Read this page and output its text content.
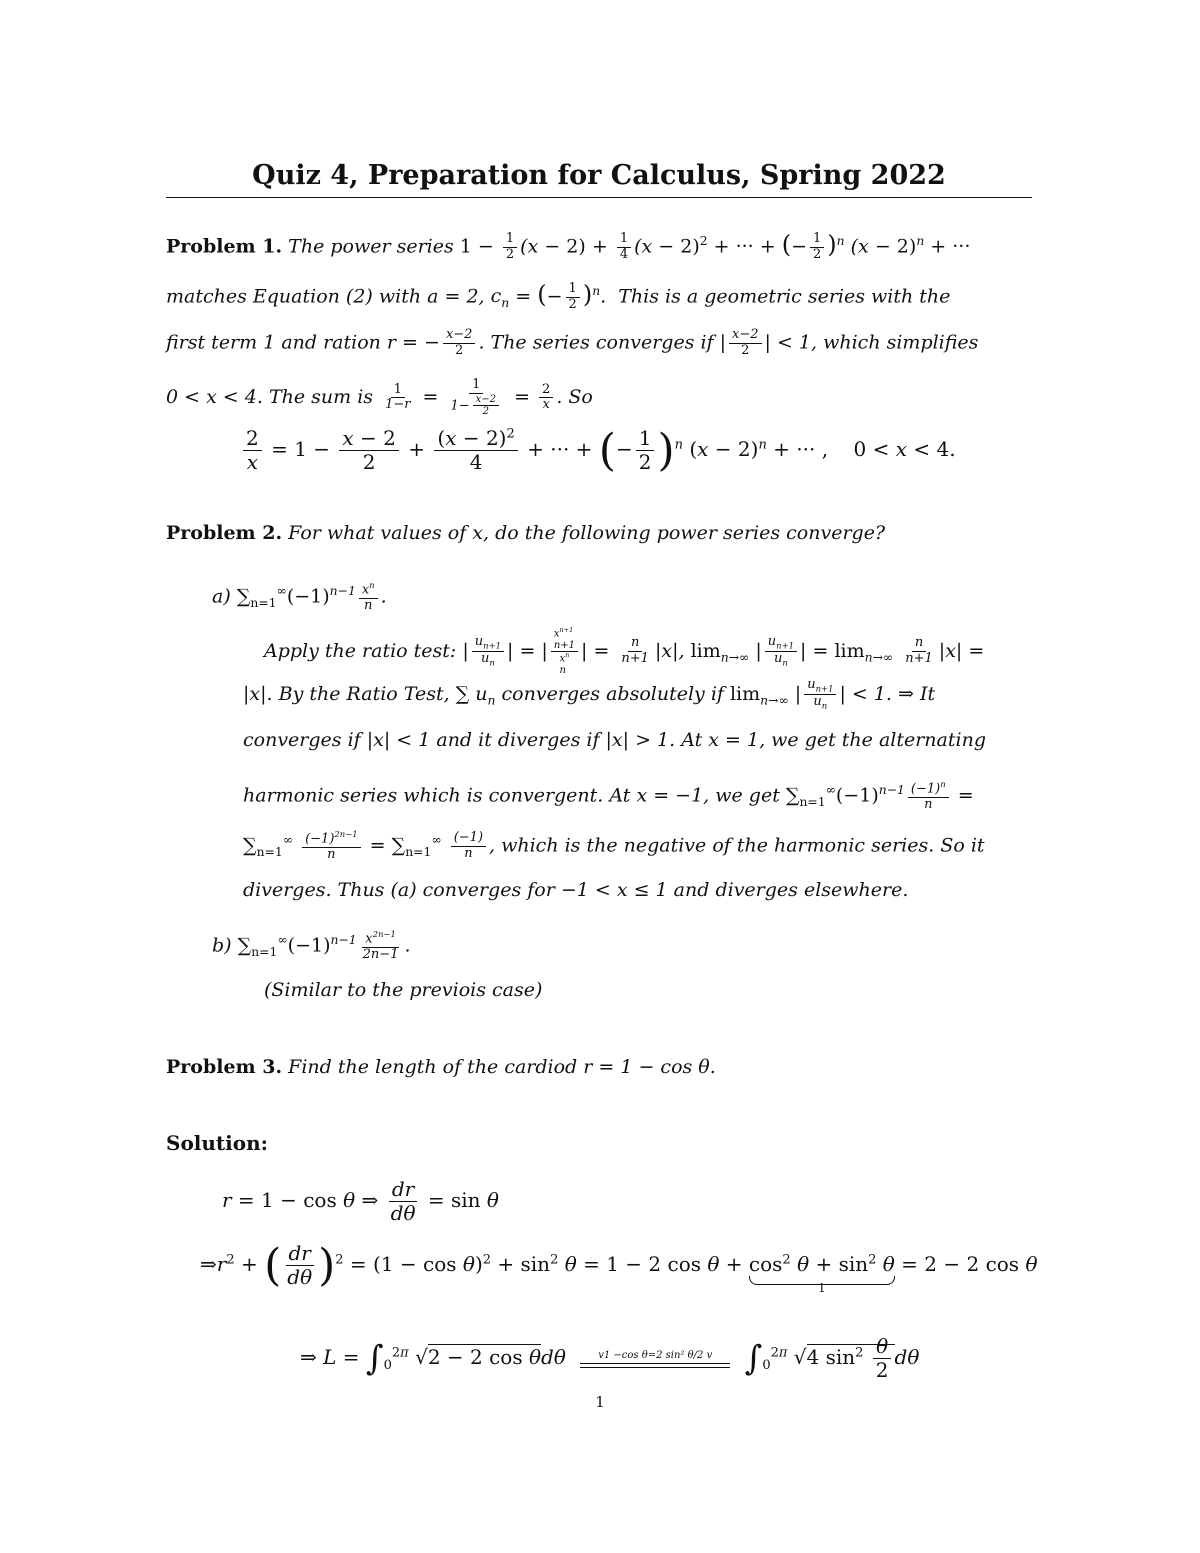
Quiz 4, Preparation for Calculus, Spring 2022
Problem 1. The power series $1 - \frac{1}{2} (x - 2) + \frac{1}{4} (x - 2)^2$ + ··· + (− $\frac{1}{2} )^n$ $(x - 2)^n$ + ···
matches Equation (2) with a = 2, $c_n$ = (− $\frac{1}{2} )^n$.  This is a geometric series with the
first term 1 and ration r = − $\frac{x-2}{2}$ . The series converges if | $\frac{x-2}{2}$ | < 1, which simplifies
0 < x < 4. The sum is $\frac{1}{1-r} = \frac{1}{1- \frac{x-2}{2}} = \frac{2}{x}$ . So
$\frac{2}{x} = 1 - \frac{x - 2}{2} + \frac{(x - 2)^2}{4}$ + ··· + (− $\frac{1}{2} )^n$ $(x - 2)^n$ + ··· ,    0 < x < 4.
Problem 2. For what values of x, do the following power series converge?
a) $\sum_{n=1}^\infty(-1)^{n-1} \frac{x^n}{n}$ .
Apply the ratio test: | $\frac{u_{n+1}}{u_n}$ | = |
$x^{n+1}$
n+1
$x^n$
n
| = $\frac{n}{n+1} |x|$, $\lim_{n\to\infty}$ | $\frac{u_{n+1}}{u_n}$ | = $\lim_{n\to\infty} \frac{n}{n+1} |x|$ =
|x|. By the Ratio Test, ∑ $u_n$ converges absolutely if $\lim_{n\to\infty}$ | $\frac{u_{n+1}}{u_n}$ | < 1. ⇒ It
converges if |x| < 1 and it diverges if |x| > 1. At x = 1, we get the alternating
harmonic series which is convergent. At x = −1, we get $\sum_{n=1}^\infty(-1)^{n-1} \frac{(-1)^n}{n}$ =
$\sum_{n=1}^\infty \frac{(-1)^{2n-1}}{n} = \sum_{n=1}^\infty \frac{(-1)}{n}$ , which is the negative of the harmonic series. So it
diverges. Thus (a) converges for −1 < x ≤ 1 and diverges elsewhere.
b) $\sum_{n=1}^\infty(-1)^{n-1} \frac{x^{2n-1}}{2n-1}$ .
(Similar to the previois case)
Problem 3. Find the length of the cardiod r = 1 − cos θ.
Solution:
r = 1 − cos θ ⇒ $\frac{dr}{d\theta} = \sin \theta$
$\Rightarrow r^2$ + ( $\frac{dr}{d\theta} )^2 = (1 - \cos \theta)^2 + \sin^2 \theta = 1 - 2$ $\cos \theta + \cos^2 \theta + \sin^2 \theta$
1
= 2 − 2 cos θ
⇒ $L = \int_0^{2\pi}$ √2 − 2 cos θdθ	v1 −cos θ=2 sin² θ/2 v $\int_0^{2\pi}$ √4 $\sin^2 \frac{\theta}{2}$ dθ
1
